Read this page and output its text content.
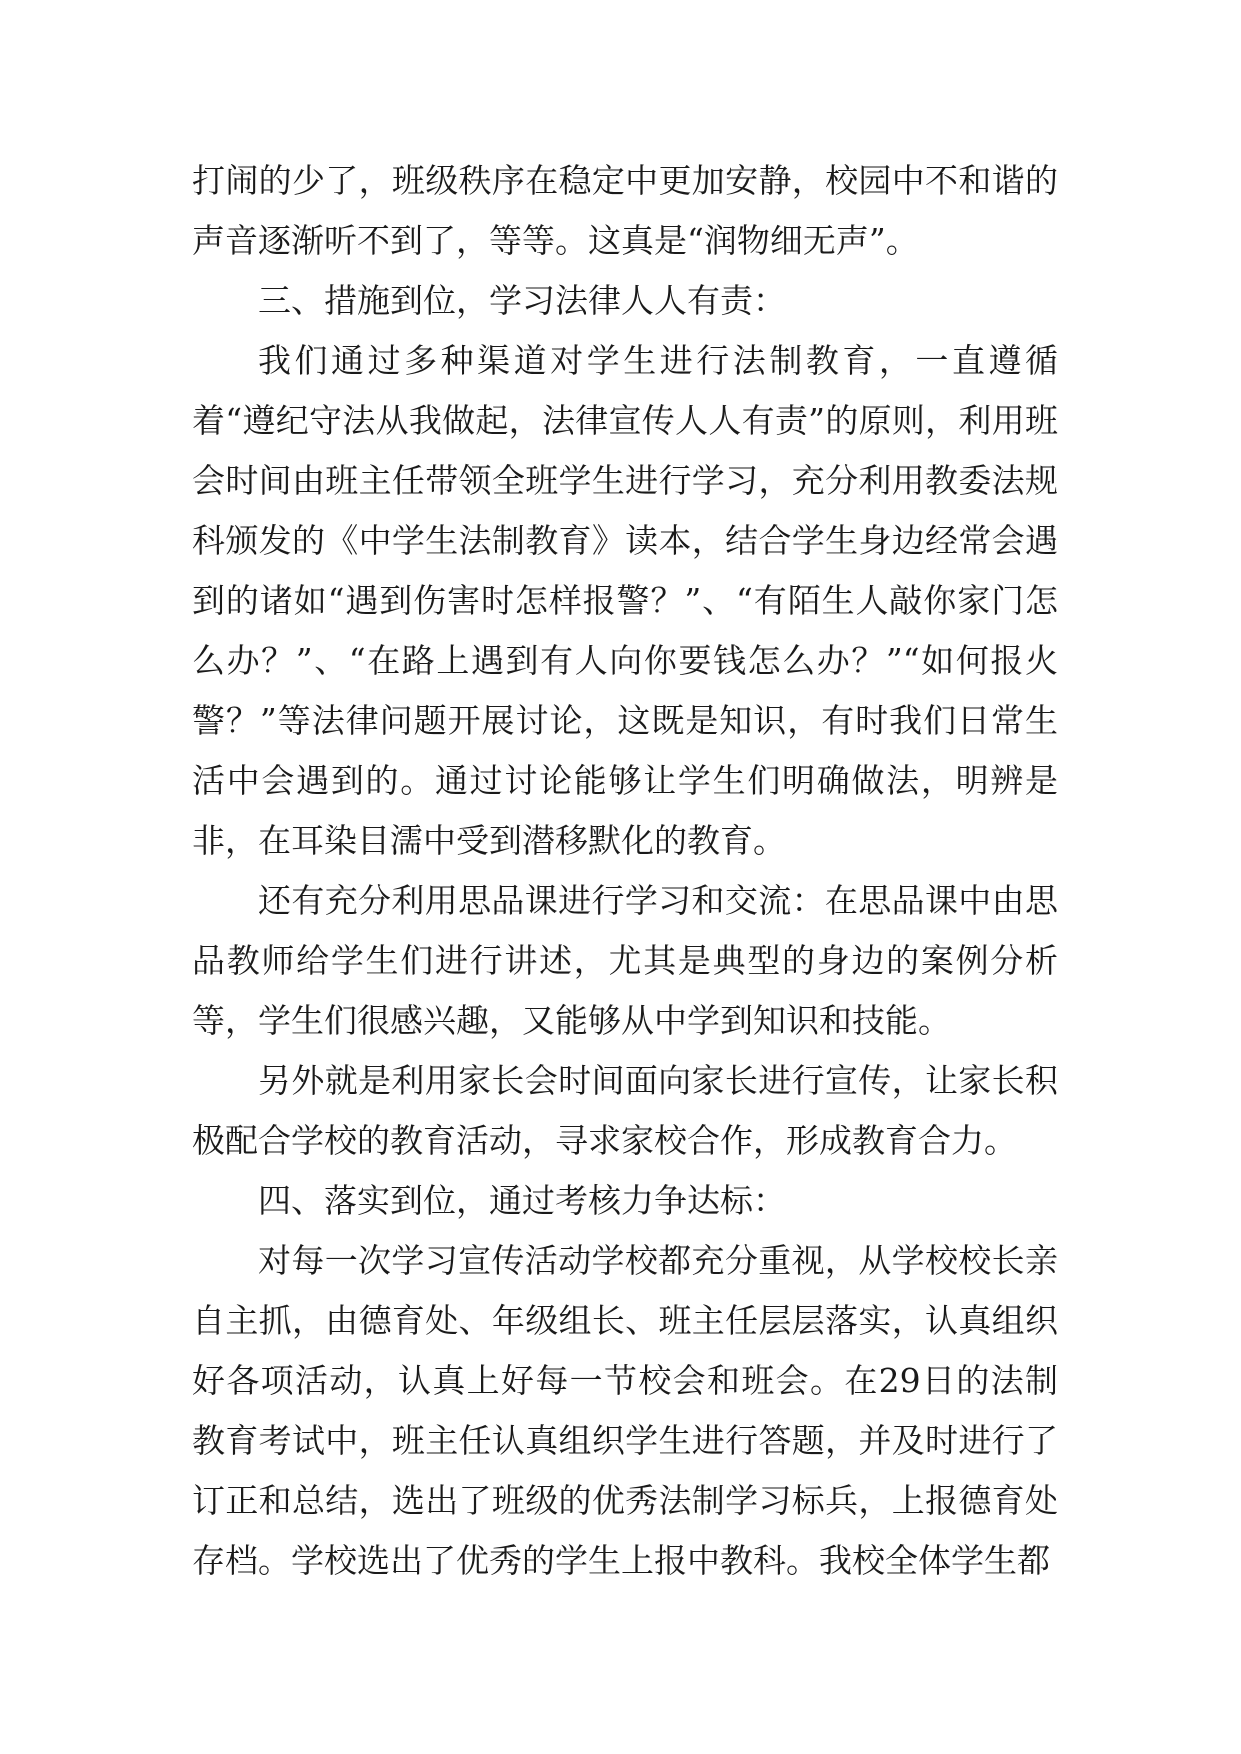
打闹的少了，班级秩序在稳定中更加安静，校园中不和谐的声音逐渐听不到了，等等。这真是“润物细无声”。

三、措施到位，学习法律人人有责：

我们通过多种渠道对学生进行法制教育，一直遵循着“遵纪守法从我做起，法律宣传人人有责”的原则，利用班会时间由班主任带领全班学生进行学习，充分利用教委法规科颁发的《中学生法制教育》读本，结合学生身边经常会遇到的诸如“遇到伤害时怎样报警？”、“有陌生人敲你家门怎么办？”、“在路上遇到有人向你要钱怎么办？”“如何报火警？”等法律问题开展讨论，这既是知识，有时我们日常生活中会遇到的。通过讨论能够让学生们明确做法，明辨是非，在耳染目濡中受到潜移默化的教育。

还有充分利用思品课进行学习和交流：在思品课中由思品教师给学生们进行讲述，尤其是典型的身边的案例分析等，学生们很感兴趣，又能够从中学到知识和技能。

另外就是利用家长会时间面向家长进行宣传，让家长积极配合学校的教育活动，寻求家校合作，形成教育合力。

四、落实到位，通过考核力争达标：

对每一次学习宣传活动学校都充分重视，从学校校长亲自主抓，由德育处、年级组长、班主任层层落实，认真组织好各项活动，认真上好每一节校会和班会。在29日的法制教育考试中，班主任认真组织学生进行答题，并及时进行了订正和总结，选出了班级的优秀法制学习标兵，上报德育处存档。学校选出了优秀的学生上报中教科。我校全体学生都
